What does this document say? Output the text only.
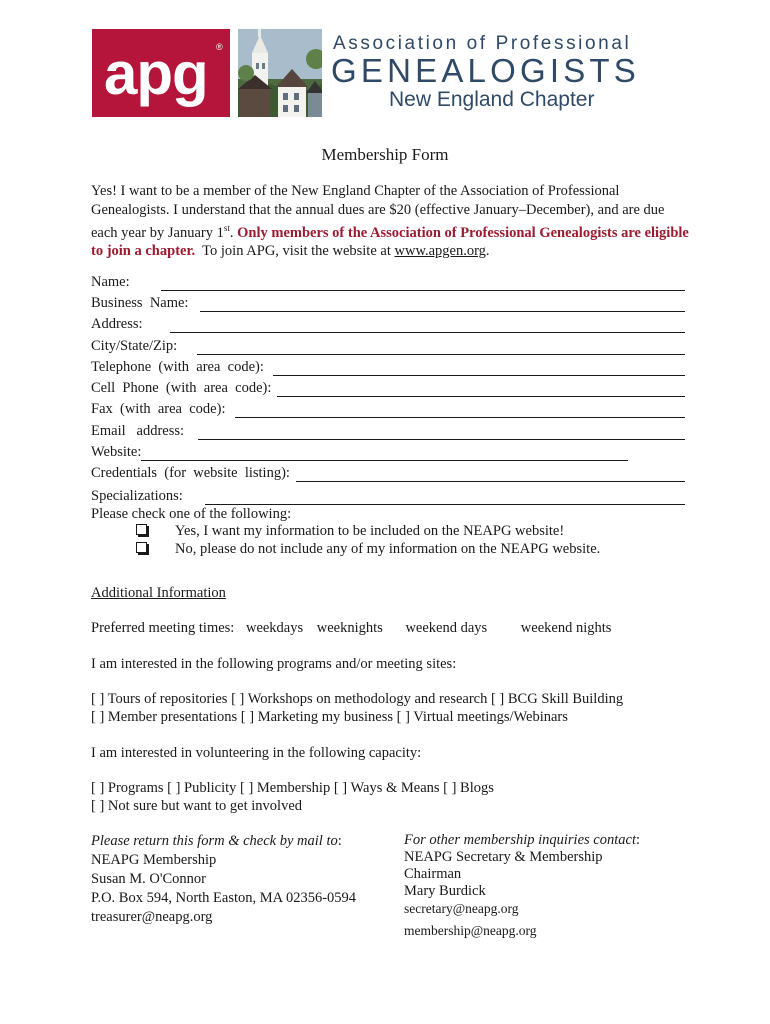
apg ®	Association of Professional
GENEALOGISTS
New England Chapter
Membership Form
Yes! I want to be a member of the New England Chapter of the Association of Professional Genealogists. I understand that the annual dues are $20 (effective January–December), and are due each year by January 1st. Only members of the Association of Professional Genealogists are eligible to join a chapter.  To join APG, visit the website at www.apgen.org.
Name:
Business  Name:
Address:
City/State/Zip:
Telephone  (with  area  code):
Cell  Phone  (with  area  code):
Fax  (with  area  code):
Email   address:
Website:
Credentials  (for  website  listing):
Specializations:
Please check one of the following:
Yes, I want my information to be included on the NEAPG website!
No, please do not include any of my information on the NEAPG website.
Additional Information
Preferred meeting times: weekdays weeknights weekend days weekend nights
I am interested in the following programs and/or meeting sites:
[ ] Tours of repositories [ ] Workshops on methodology and research [ ] BCG Skill Building
[ ] Member presentations [ ] Marketing my business [ ] Virtual meetings/Webinars
I am interested in volunteering in the following capacity:
[ ] Programs [ ] Publicity [ ] Membership [ ] Ways & Means [ ] Blogs
[ ] Not sure but want to get involved
Please return this form & check by mail to:
NEAPG Membership
Susan M. O'Connor
P.O. Box 594, North Easton, MA 02356-0594
treasurer@neapg.org
For other membership inquiries contact:
NEAPG Secretary & Membership
Chairman
Mary Burdick
secretary@neapg.org
membership@neapg.org
